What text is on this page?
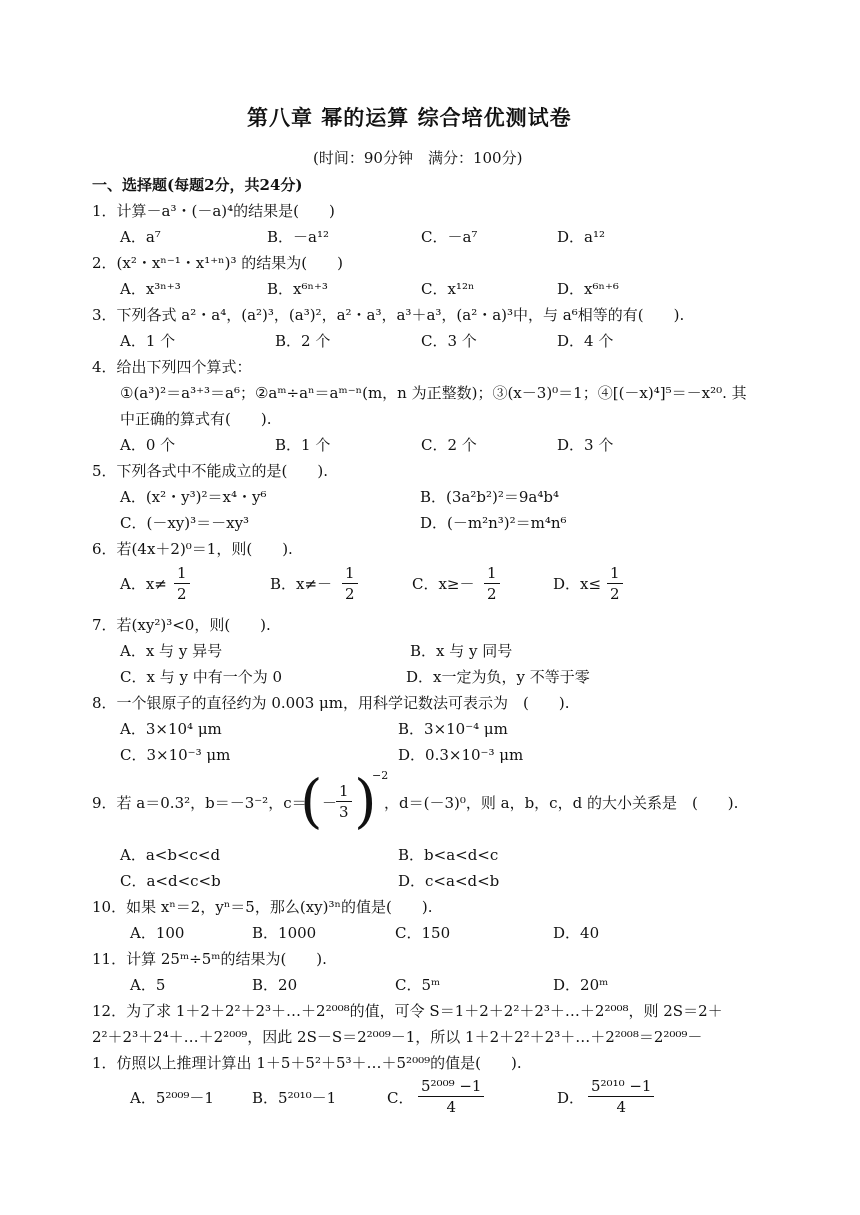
第八章 幂的运算 综合培优测试卷
(时间：90分钟　满分：100分)
一、选择题(每题2分，共24分)
1．计算－a³・(－a)⁴的结果是(　　)
A．a⁷	B．－a¹²	C．－a⁷	D．a¹²
2．(x²・xⁿ⁻¹・x¹⁺ⁿ)³ 的结果为(　　)
A．x³ⁿ⁺³	B．x⁶ⁿ⁺³	C．x¹²ⁿ	D．x⁶ⁿ⁺⁶
3．下列各式 a²・a⁴，(a²)³，(a³)²，a²・a³，a³＋a³，(a²・a)³中，与 a⁶相等的有(　　).
A．1 个	B．2 个	C．3 个	D．4 个
4．给出下列四个算式：
①(a³)²＝a³⁺³＝a⁶；②aᵐ÷aⁿ＝aᵐ⁻ⁿ(m，n 为正整数)；③(x－3)⁰＝1；④[(－x)⁴]⁵＝－x²⁰. 其
中正确的算式有(　　).
A．0 个	B．1 个	C．2 个	D．3 个
5．下列各式中不能成立的是(　　).
A．(x²・y³)²＝x⁴・y⁶	B．(3a²b²)²＝9a⁴b⁴
C．(－xy)³＝－xy³	D．(－m²n³)²＝m⁴n⁶
6．若(4x＋2)⁰＝1，则(　　).
A．$x\ne \frac{1}{2}$	B．$x\ne- \frac{1}{2}$	C．$x\ge- \frac{1}{2}$	D．$x\le \frac{1}{2}$
7．若(xy²)³<0，则(　　).
A．x 与 y 异号	B．x 与 y 同号
C．x 与 y 中有一个为 0	D．x一定为负，y 不等于零
8．一个银原子的直径约为 0.003 μm，用科学记数法可表示为　(　　).
A．3×10⁴ μm	B．3×10⁻⁴ μm
C．3×10⁻³ μm	D．0.3×10⁻³ μm
9．若 a＝0.3²，b＝－3⁻²，c＝
( －
$\frac{1}{3}$ )
−2
，d＝(－3)⁰，则 a，b，c，d 的大小关系是　(　　).
A．a<b<c<d	B．b<a<d<c
C．a<d<c<b	D．c<a<d<b
10．如果 xⁿ＝2，yⁿ＝5，那么(xy)³ⁿ的值是(　　).
A．100	B．1000	C．150	D．40
11．计算 25ᵐ÷5ᵐ的结果为(　　).
A．5	B．20	C．5ᵐ	D．20ᵐ
12．为了求 1＋2＋2²＋2³＋…＋2²⁰⁰⁸的值，可令 S＝1＋2＋2²＋2³＋…＋2²⁰⁰⁸，则 2S＝2＋
2²＋2³＋2⁴＋…＋2²⁰⁰⁹，因此 2S－S＝2²⁰⁰⁹－1，所以 1＋2＋2²＋2³＋…＋2²⁰⁰⁸＝2²⁰⁰⁹－
1．仿照以上推理计算出 1＋5＋5²＋5³＋…＋5²⁰⁰⁹的值是(　　).
A．5²⁰⁰⁹－1	B．5²⁰¹⁰－1	C． $\frac{\text{5²⁰⁰⁹ −1}}{4}$	D． $\frac{\text{5²⁰¹⁰ −1}}{4}$
